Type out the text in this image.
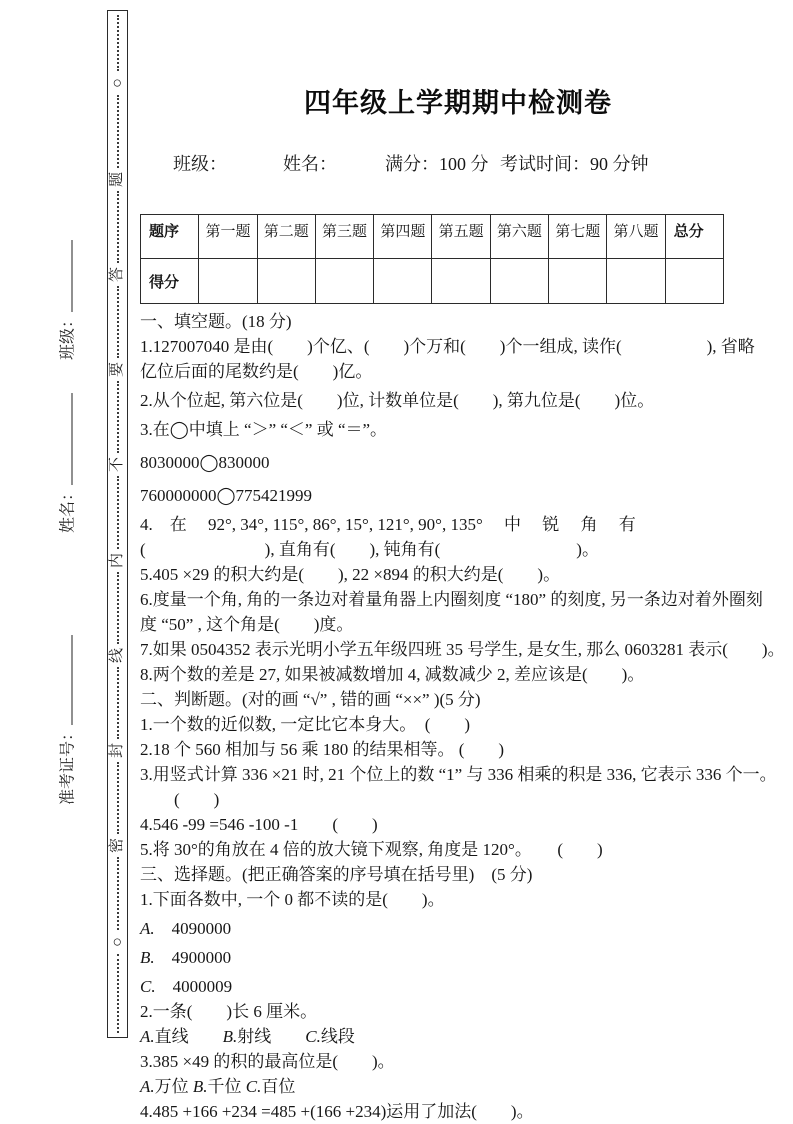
班级：
姓名：
准考证号：
○
题
答
要
不
内
线
封
密
○
四年级上学期期中检测卷
班级：	姓名：	满分：100 分 考试时间：90 分钟
题序	第一题	第二题	第三题	第四题	第五题	第六题	第七题	第八题	总分
得分									
一、填空题。(18 分)
1.127007040 是由(　　)个亿、(　　)个万和(　　)个一组成, 读作(　　　　　), 省略
亿位后面的尾数约是(　　)亿。
2.从个位起, 第六位是(　　)位, 计数单位是(　　), 第九位是(　　)位。
3.在◯中填上 “＞” “＜” 或 “＝”。
8030000◯830000
760000000◯775421999
4.　在　 92°, 34°, 115°, 86°, 15°, 121°, 90°, 135° 　中　 锐　 角　 有
(　　　　　　　), 直角有(　　), 钝角有(　　　　　　　　)。
5.405 ×29 的积大约是(　　), 22 ×894 的积大约是(　　)。
6.度量一个角, 角的一条边对着量角器上内圈刻度 “180” 的刻度, 另一条边对着外圈刻
度 “50” , 这个角是(　　)度。
7.如果 0504352 表示光明小学五年级四班 35 号学生, 是女生, 那么 0603281 表示(　　)。
8.两个数的差是 27, 如果被减数增加 4, 减数减少 2, 差应该是(　　)。
二、判断题。(对的画 “√” , 错的画 “××” )(5 分)
1.一个数的近似数, 一定比它本身大。　(　　)
2.18 个 560 相加与 56 乘 180 的结果相等。 (　　)
3.用竖式计算 336 ×21 时, 21 个位上的数 “1” 与 336 相乘的积是 336, 它表示 336 个一。
　　(　　)
4.546 -99 =546 -100 -1　　(　　)
5.将 30°的角放在 4 倍的放大镜下观察, 角度是 120°。　　(　　)
三、选择题。(把正确答案的序号填在括号里)　(5 分)
1.下面各数中, 一个 0 都不读的是(　　)。
A.　4090000
B.　4900000
C.　4000009
2.一条(　　)长 6 厘米。
A.直线　　B.射线　　C.线段
3.385 ×49 的积的最高位是(　　)。
A.万位 B.千位 C.百位
4.485 +166 +234 =485 +(166 +234)运用了加法(　　)。
